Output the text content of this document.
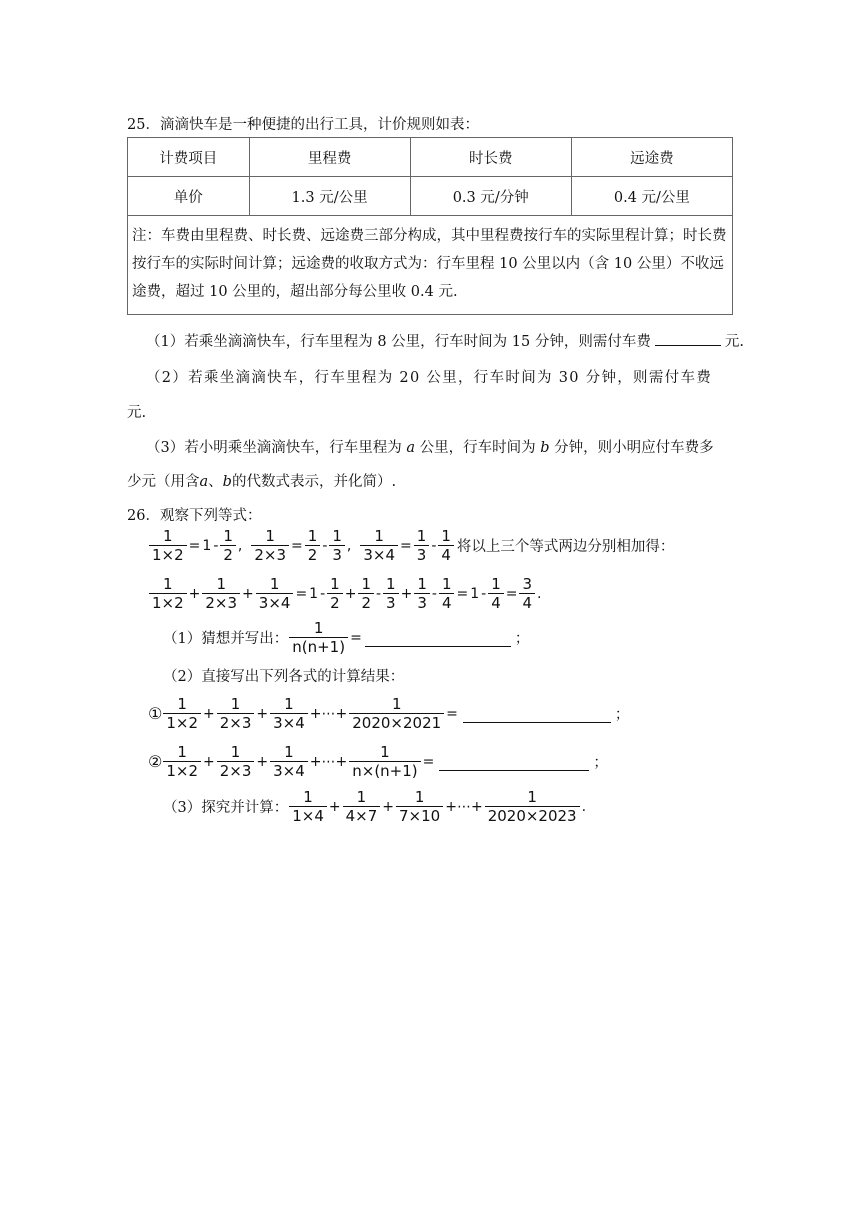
25．滴滴快车是一种便捷的出行工具，计价规则如表：
计费项目	里程费	时长费	远途费
单价	1.3 元/公里	0.3 元/分钟	0.4 元/公里
注：车费由里程费、时长费、远途费三部分构成，其中里程费按行车的实际里程计算；时长费按行车的实际时间计算；远途费的收取方式为：行车里程 10 公里以内（含 10 公里）不收远途费，超过 10 公里的，超出部分每公里收 0.4 元.			
（1）若乘坐滴滴快车，行车里程为 8 公里，行车时间为 15 分钟，则需付车费	元.
（2）若乘坐滴滴快车，行车里程为 20 公里，行车时间为 30 分钟，则需付车费
元.
（3）若小明乘坐滴滴快车，行车里程为 a 公里，行车时间为 b 分钟，则小明应付车费多
少元（用含a、b的代数式表示，并化简）.
26．观察下列等式：
$\frac{1}{1\times 2} = 1 - \frac{1}{2}$ , $\frac{1}{2\times 3} = \frac{1}{2} - \frac{1}{3}$ , $\frac{1}{3\times 4} = \frac{1}{3} - \frac{1}{4}$ 将以上三个等式两边分别相加得：
$\frac{1}{1\times 2} + \frac{1}{2\times 3} + \frac{1}{3\times 4} = 1 - \frac{1}{2} + \frac{1}{2} - \frac{1}{3} + \frac{1}{3} - \frac{1}{4} = 1 - \frac{1}{4} = \frac{3}{4}$ .
（1）猜想并写出： $\frac{1}{n(n+1)}$ =	；
（2）直接写出下列各式的计算结果：
① $\frac{1}{1\times 2} + \frac{1}{2\times 3} + \frac{1}{3\times 4}$ +⋯+ $\frac{1}{2020\times 2021}$ =	；
② $\frac{1}{1\times 2} + \frac{1}{2\times 3} + \frac{1}{3\times 4}$ +⋯+ $\frac{1}{n\times(n+1)}$ =	；
（3）探究并计算： $\frac{1}{1\times 4} + \frac{1}{4\times 7} + \frac{1}{7\times 10}$ +⋯+ $\frac{1}{2020\times 2023}$ .
